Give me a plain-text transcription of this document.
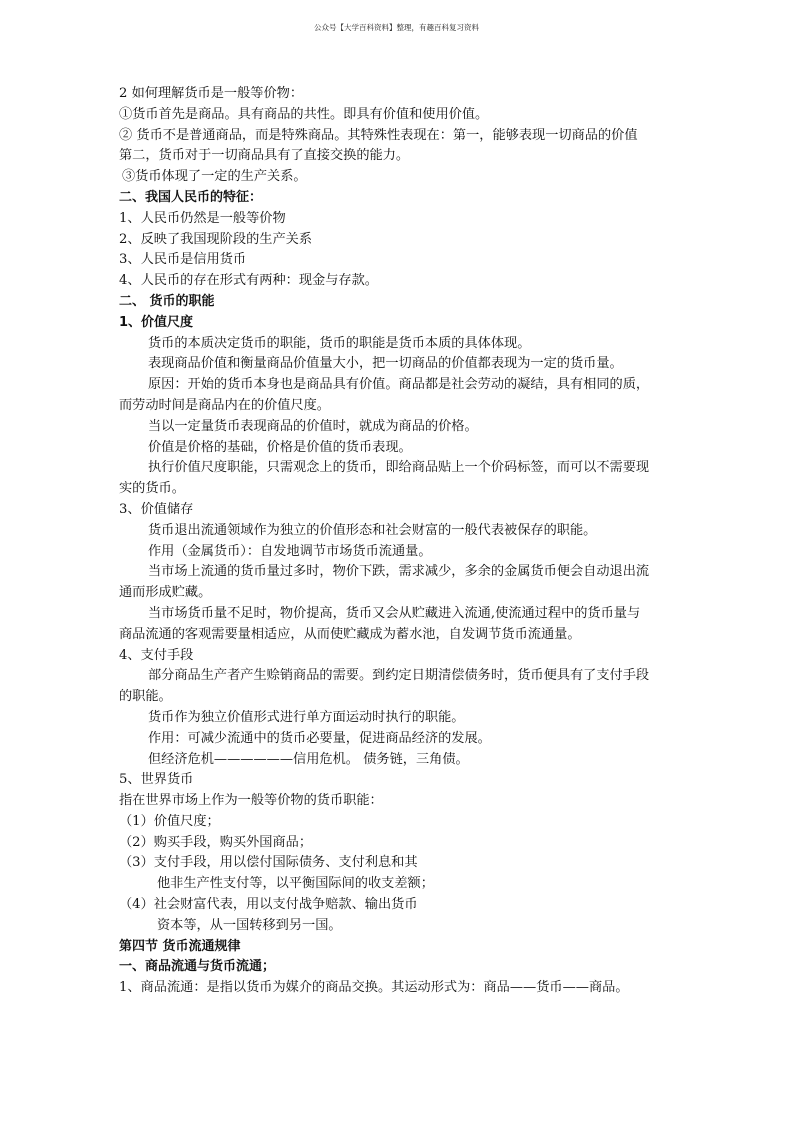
公众号【大学百科资料】整理，有趣百科复习资料
2 如何理解货币是一般等价物：
①货币首先是商品。具有商品的共性。即具有价值和使用价值。
② 货币不是普通商品，而是特殊商品。其特殊性表现在：第一，能够表现一切商品的价值
第二，货币对于一切商品具有了直接交换的能力。
③货币体现了一定的生产关系。
二、我国人民币的特征：
1、人民币仍然是一般等价物
2、反映了我国现阶段的生产关系
3、人民币是信用货币
4、人民币的存在形式有两种：现金与存款。
二、 货币的职能
1、价值尺度
货币的本质决定货币的职能，货币的职能是货币本质的具体体现。
表现商品价值和衡量商品价值量大小，把一切商品的价值都表现为一定的货币量。
原因：开始的货币本身也是商品具有价值。商品都是社会劳动的凝结，具有相同的质，
而劳动时间是商品内在的价值尺度。
当以一定量货币表现商品的价值时，就成为商品的价格。
价值是价格的基础，价格是价值的货币表现。
执行价值尺度职能，只需观念上的货币，即给商品贴上一个价码标签，而可以不需要现
实的货币。
3、价值储存
货币退出流通领域作为独立的价值形态和社会财富的一般代表被保存的职能。
作用（金属货币）：自发地调节市场货币流通量。
当市场上流通的货币量过多时，物价下跌，需求减少，多余的金属货币便会自动退出流
通而形成贮藏。
当市场货币量不足时，物价提高，货币又会从贮藏进入流通,使流通过程中的货币量与
商品流通的客观需要量相适应，从而使贮藏成为蓄水池，自发调节货币流通量。
4、支付手段
部分商品生产者产生赊销商品的需要。到约定日期清偿债务时，货币便具有了支付手段
的职能。
货币作为独立价值形式进行单方面运动时执行的职能。
作用：可减少流通中的货币必要量，促进商品经济的发展。
但经济危机——————信用危机。 债务链，三角债。
5、世界货币
指在世界市场上作为一般等价物的货币职能：
（1）价值尺度；
（2）购买手段，购买外国商品；
（3）支付手段，用以偿付国际债务、支付利息和其
他非生产性支付等，以平衡国际间的收支差额；
（4）社会财富代表，用以支付战争赔款、输出货币
资本等，从一国转移到另一国。
第四节 货币流通规律
一、商品流通与货币流通；
1、商品流通：是指以货币为媒介的商品交换。其运动形式为：商品——货币——商品。
